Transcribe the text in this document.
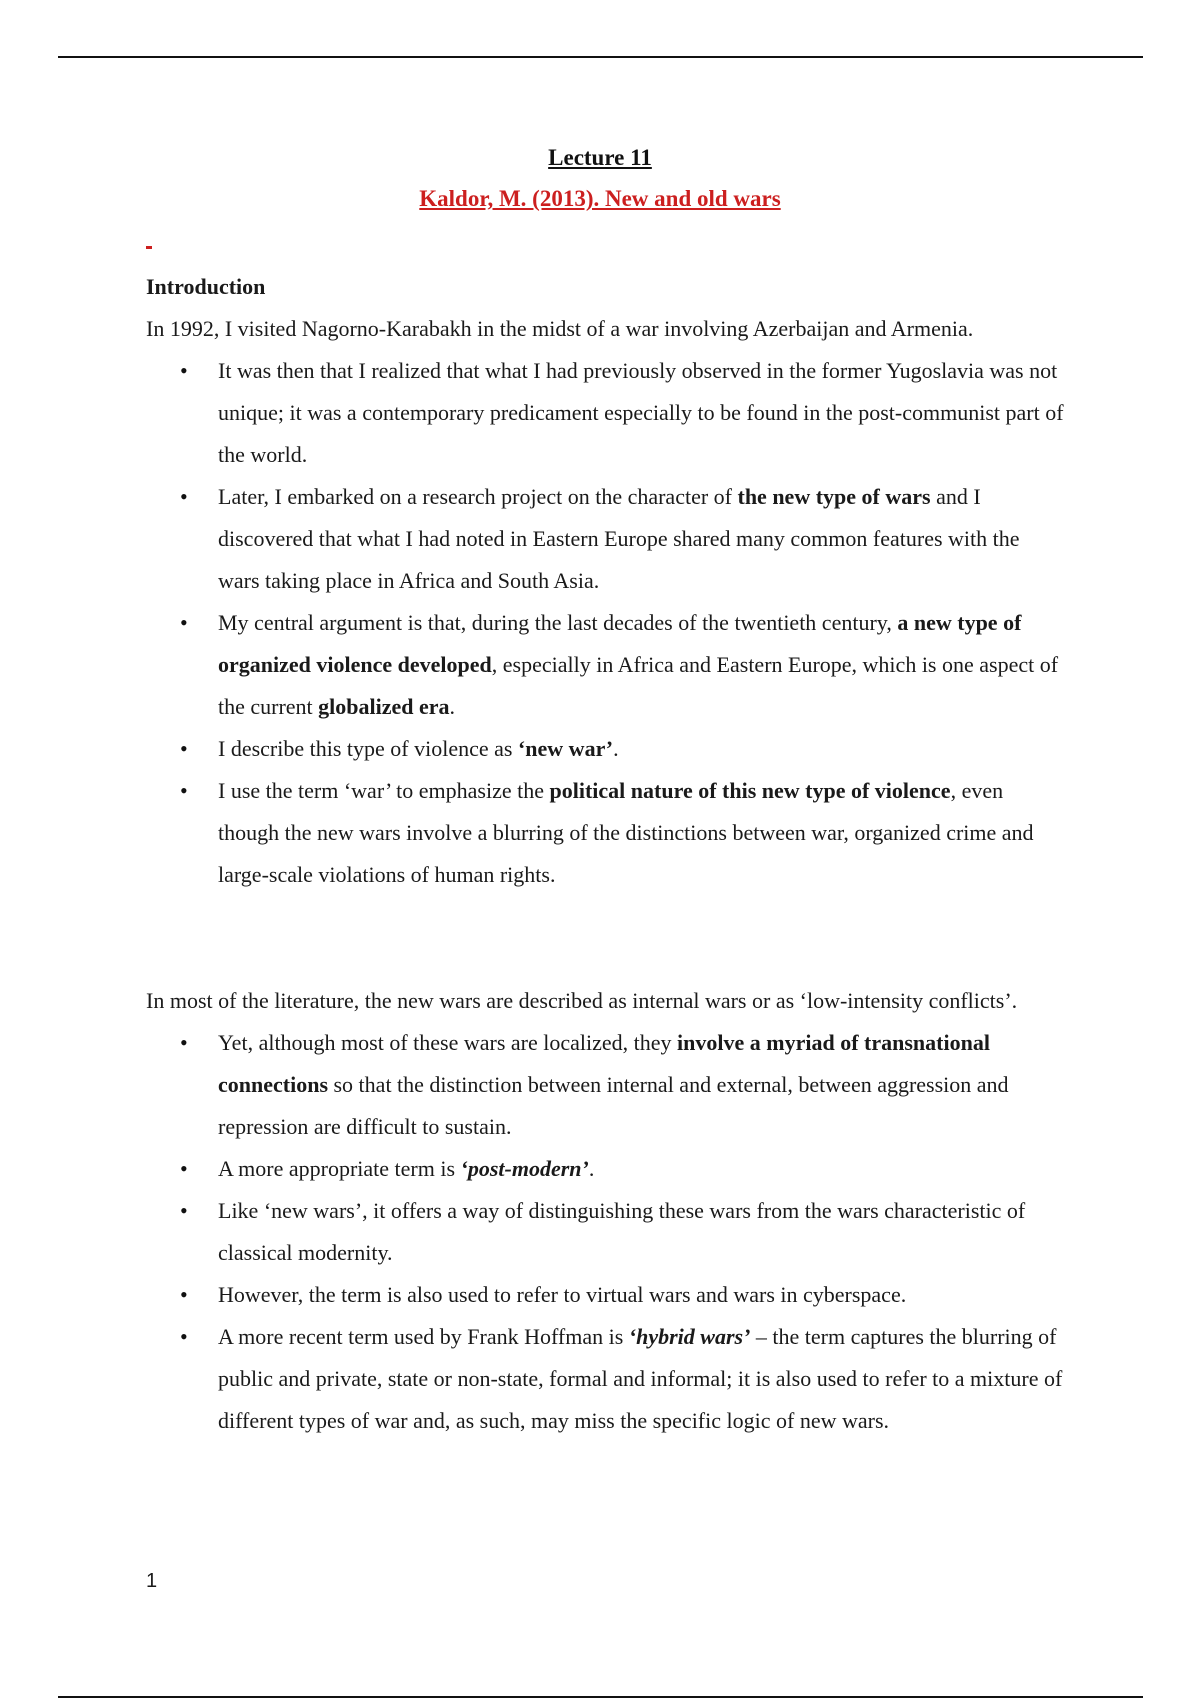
Lecture 11
Kaldor, M. (2013). New and old wars

Introduction

In 1992, I visited Nagorno-Karabakh in the midst of a war involving Azerbaijan and Armenia.

• It was then that I realized that what I had previously observed in the former Yugoslavia was not unique; it was a contemporary predicament especially to be found in the post-communist part of the world.
• Later, I embarked on a research project on the character of the new type of wars and I discovered that what I had noted in Eastern Europe shared many common features with the wars taking place in Africa and South Asia.
• My central argument is that, during the last decades of the twentieth century, a new type of organized violence developed, especially in Africa and Eastern Europe, which is one aspect of the current globalized era.
• I describe this type of violence as ‘new war’.
• I use the term ‘war’ to emphasize the political nature of this new type of violence, even though the new wars involve a blurring of the distinctions between war, organized crime and large-scale violations of human rights.

In most of the literature, the new wars are described as internal wars or as ‘low-intensity conflicts’.

• Yet, although most of these wars are localized, they involve a myriad of transnational connections so that the distinction between internal and external, between aggression and repression are difficult to sustain.
• A more appropriate term is ‘post-modern’.
• Like ‘new wars’, it offers a way of distinguishing these wars from the wars characteristic of classical modernity.
• However, the term is also used to refer to virtual wars and wars in cyberspace.
• A more recent term used by Frank Hoffman is ‘hybrid wars’ – the term captures the blurring of public and private, state or non-state, formal and informal; it is also used to refer to a mixture of different types of war and, as such, may miss the specific logic of new wars.
1
